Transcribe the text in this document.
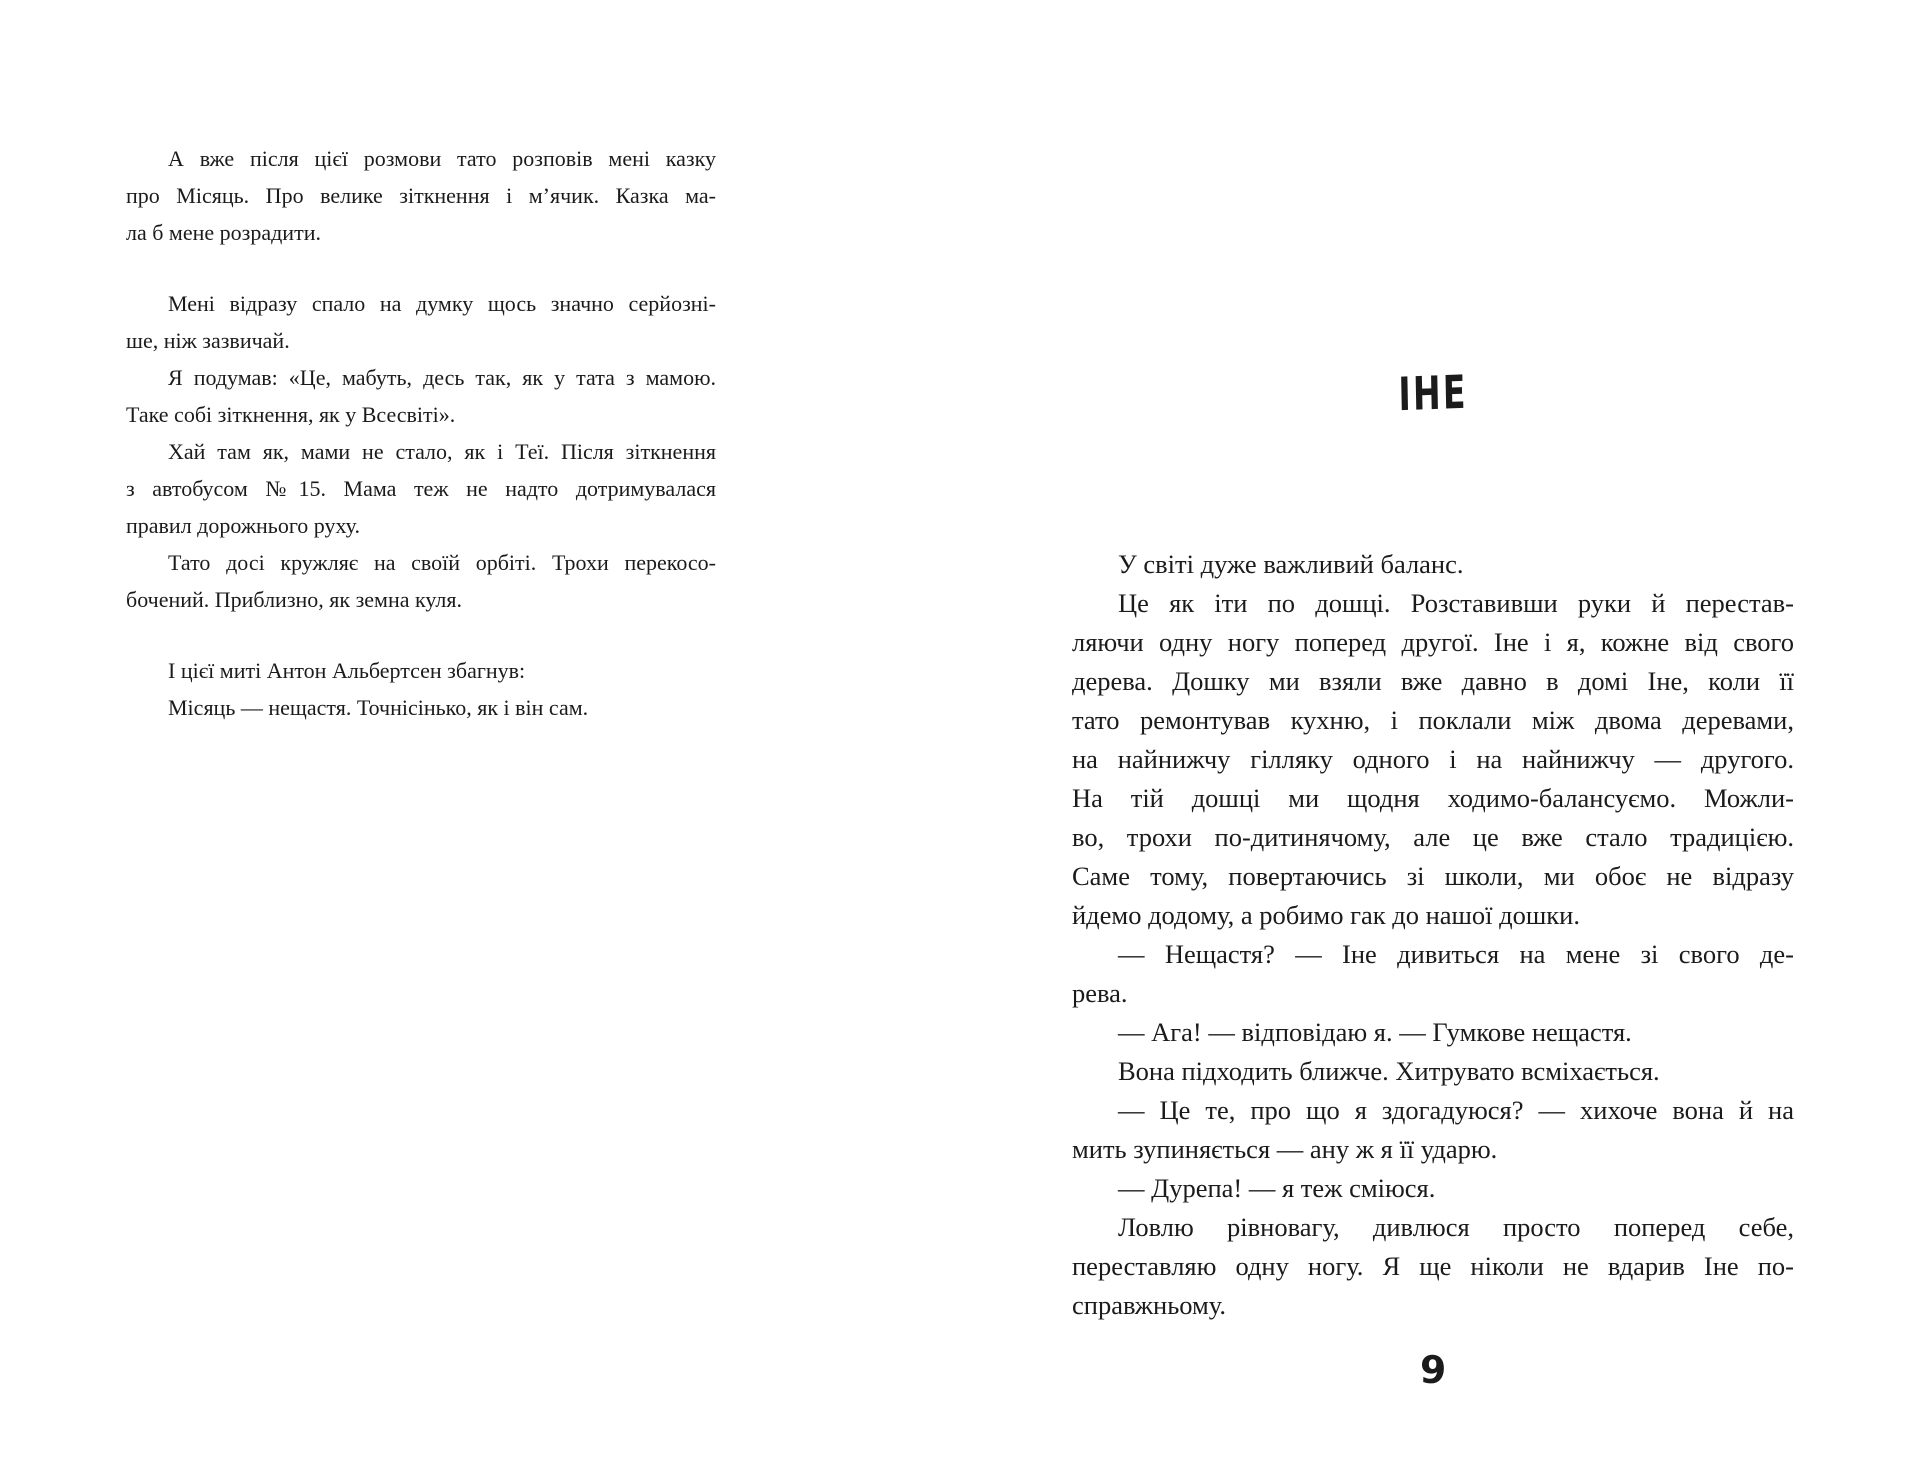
А вже після цієї розмови тато розповів мені казку
про Місяць. Про велике зіткнення і м’ячик. Казка ма-
ла б мене розрадити.
Мені відразу спало на думку щось значно серйозні-
ше, ніж зазвичай.
Я подумав: «Це, мабуть, десь так, як у тата з мамою.
Таке собі зіткнення, як у Всесвіті».
Хай там як, мами не стало, як і Теї. Після зіткнення
з автобусом №15. Мама теж не надто дотримувалася
правил дорожнього руху.
Тато досі кружляє на своїй орбіті. Трохи перекосо-
бочений. Приблизно, як земна куля.
І цієї миті Антон Альбертсен збагнув:
Місяць — нещастя. Точнісінько, як і він сам.
ІНЕ
У світі дуже важливий баланс.
Це як іти по дошці. Розставивши руки й перестав-
ляючи одну ногу поперед другої. Іне і я, кожне від свого
дерева. Дошку ми взяли вже давно в домі Іне, коли її
тато ремонтував кухню, і поклали між двома деревами,
на найнижчу гілляку одного і на найнижчу — другого.
На тій дошці ми щодня ходимо-балансуємо. Можли-
во, трохи по-дитинячому, але це вже стало традицією.
Саме тому, повертаючись зі школи, ми обоє не відразу
йдемо додому, а робимо гак до нашої дошки.
— Нещастя? — Іне дивиться на мене зі свого де-
рева.
— Ага! — відповідаю я. — Гумкове нещастя.
Вона підходить ближче. Хитрувато всміхається.
— Це те, про що я здогадуюся? — хихоче вона й на
мить зупиняється — ану ж я її ударю.
— Дурепа! — я теж сміюся.
Ловлю рівновагу, дивлюся просто поперед себе,
переставляю одну ногу. Я ще ніколи не вдарив Іне по-
справжньому.
9
